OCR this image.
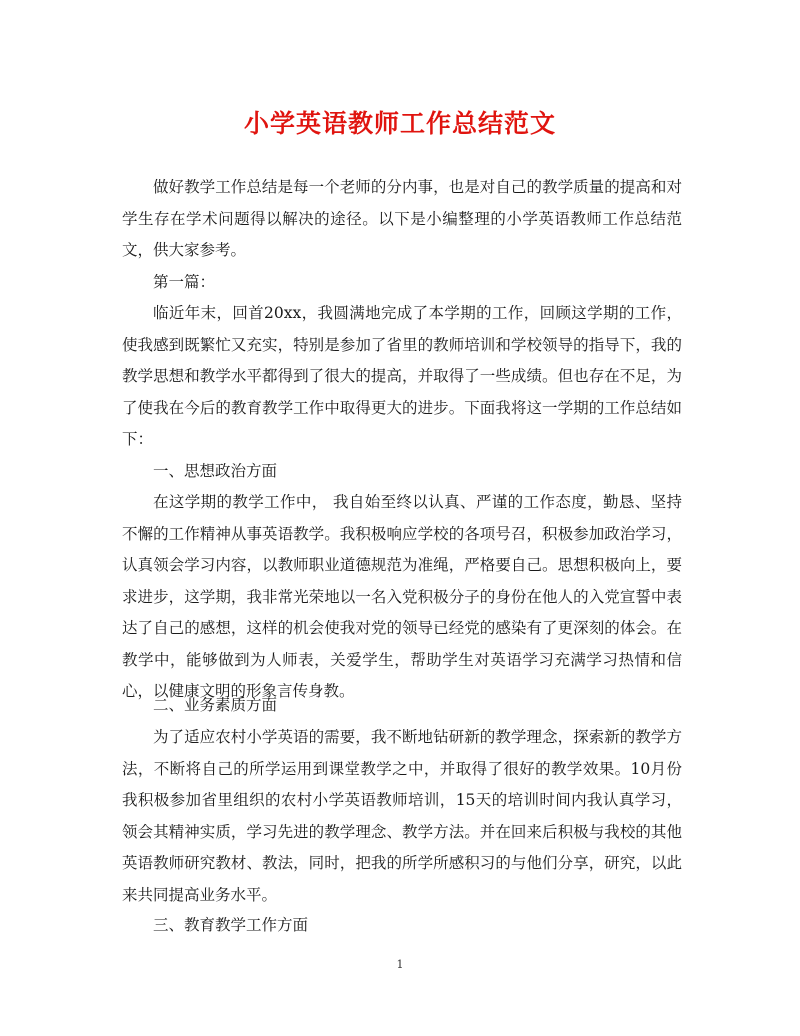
小学英语教师工作总结范文

做好教学工作总结是每一个老师的分内事，也是对自己的教学质量的提高和对学生存在学术问题得以解决的途径。以下是小编整理的小学英语教师工作总结范文，供大家参考。

第一篇：

临近年末，回首20xx，我圆满地完成了本学期的工作，回顾这学期的工作，使我感到既繁忙又充实，特别是参加了省里的教师培训和学校领导的指导下，我的教学思想和教学水平都得到了很大的提高，并取得了一些成绩。但也存在不足，为了使我在今后的教育教学工作中取得更大的进步。下面我将这一学期的工作总结如下：

一、思想政治方面

在这学期的教学工作中， 我自始至终以认真、严谨的工作态度，勤恳、坚持不懈的工作精神从事英语教学。我积极响应学校的各项号召，积极参加政治学习，认真领会学习内容，以教师职业道德规范为准绳，严格要自己。思想积极向上，要求进步，这学期，我非常光荣地以一名入党积极分子的身份在他人的入党宣誓中表达了自己的感想，这样的机会使我对党的领导已经党的感染有了更深刻的体会。在教学中，能够做到为人师表，关爱学生，帮助学生对英语学习充满学习热情和信心，以健康文明的形象言传身教。

二、业务素质方面

为了适应农村小学英语的需要，我不断地钻研新的教学理念，探索新的教学方法，不断将自己的所学运用到课堂教学之中，并取得了很好的教学效果。10月份我积极参加省里组织的农村小学英语教师培训，15天的培训时间内我认真学习，领会其精神实质，学习先进的教学理念、教学方法。并在回来后积极与我校的其他英语教师研究教材、教法，同时，把我的所学所感积习的与他们分享，研究，以此来共同提高业务水平。

三、教育教学工作方面

1
